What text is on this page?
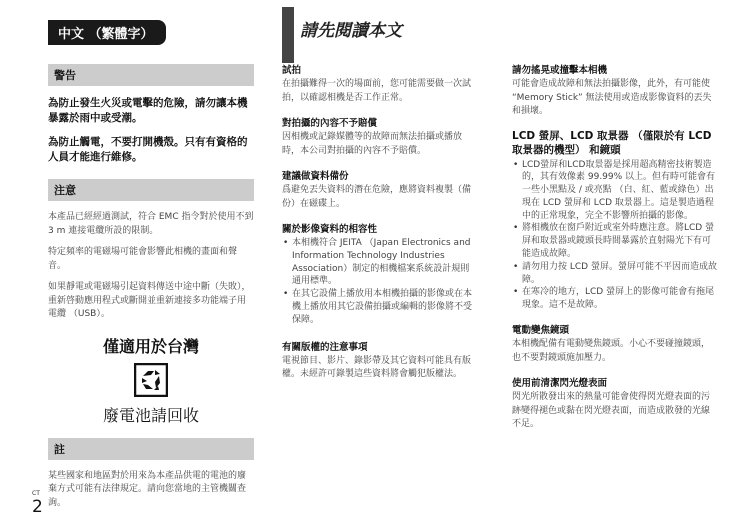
中文 （繁體字）	請先閱讀本文
警告

為防止發生火災或電擊的危險，請勿讓本機暴露於雨中或受潮。

為防止觸電，不要打開機殼。只有有資格的人員才能進行維修。

注意

本產品已經經過測試，符合 EMC 指令對於使用不到 3 m 連接電纜所設的限制。

特定頻率的電磁場可能會影響此相機的畫面和聲音。

如果靜電或電磁場引起資料傳送中途中斷（失敗），重新啓動應用程式或斷開並重新連接多功能端子用電纜 （USB）。

僅適用於台灣
廢電池請回收
註

某些國家和地區對於用來為本產品供電的電池的廢棄方式可能有法律規定。請向您當地的主管機關查詢。

試拍

在拍攝難得一次的場面前，您可能需要做一次試拍，以確認相機是否工作正常。

對拍攝的內容不予賠償

因相機或記錄媒體等的故障而無法拍攝或播放時，本公司對拍攝的內容不予賠償。

建議做資料備份

爲避免丟失資料的潛在危險，應將資料複製（備份）在磁碟上。

關於影像資料的相容性

• 本相機符合 JEITA （Japan Electronics and Information Technology Industries Association）制定的相機檔案系統設計規則通用標準。
• 在其它設備上播放用本相機拍攝的影像或在本機上播放用其它設備拍攝或編輯的影像將不受保障。

有關版權的注意事項

電視節目、影片、錄影帶及其它資料可能具有版權。未經許可錄製這些資料將會觸犯版權法。

請勿搖晃或撞擊本相機

可能會造成故障和無法拍攝影像，此外，有可能使 “Memory Stick” 無法使用或造成影像資料的丟失和損壞。

LCD 螢屏、LCD 取景器 （僅限於有 LCD 取景器的機型） 和鏡頭

• LCD螢屏和LCD取景器是採用超高精密技術製造的，其有效像素 99.99% 以上。但有時可能會有一些小黑點及 / 或亮點 （白、紅、藍或綠色）出現在 LCD 螢屏和 LCD 取景器上。這是製造過程中的正常現象，完全不影響所拍攝的影像。
• 將相機放在窗戶附近或室外時應注意。將LCD 螢屏和取景器或鏡頭長時間暴露於直射陽光下有可能造成故障。
• 請勿用力按 LCD 螢屏。螢屏可能不平因而造成故障。
• 在寒冷的地方，LCD 螢屏上的影像可能會有拖尾現象。這不是故障。

電動變焦鏡頭

本相機配備有電動變焦鏡頭。小心不要碰撞鏡頭，也不要對鏡頭施加壓力。

使用前清潔閃光燈表面

閃光所散發出來的熱量可能會使得閃光燈表面的污跡變得褪色或黏在閃光燈表面，而造成散發的光線不足。

CT
2
